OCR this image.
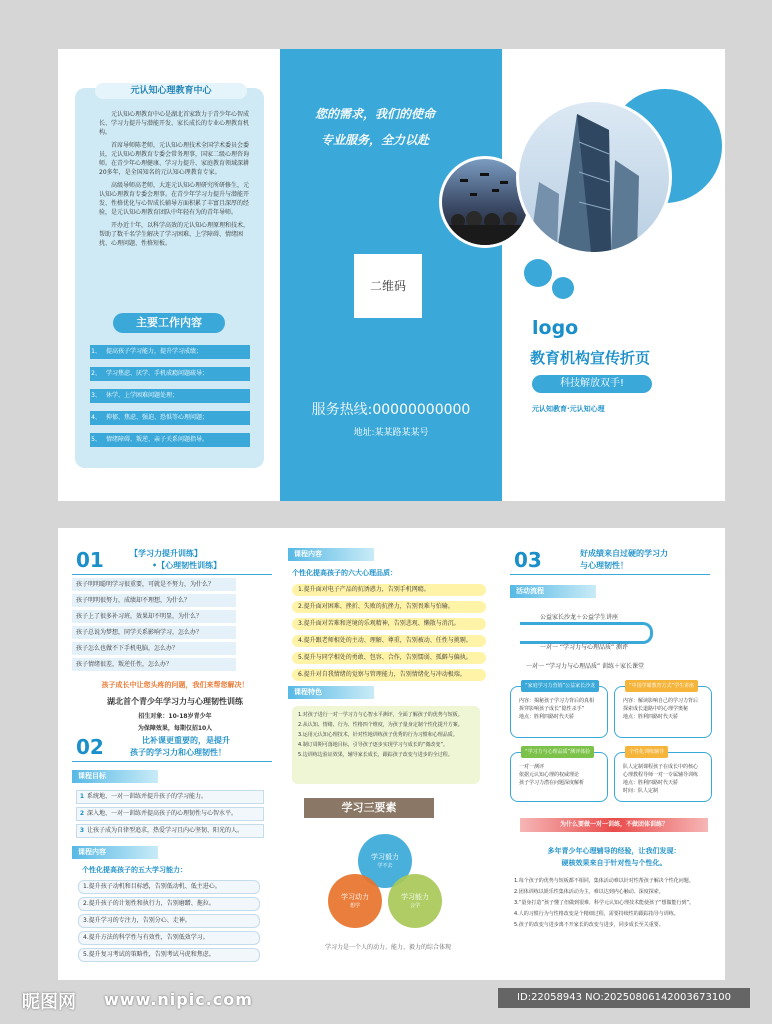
元认知心理教育中心

元认知心理教育中心是湖北首家致力于青少年心智成长、学习力提升与潜能开发、家长成长的专业心理教育机构。

首席导师陈老师，元认知心理技术全国学术委员会委员，元认知心理教育专委会常务理事，国家二级心理咨询师。在青少年心理健康、学习力提升、家庭教育领域深耕20多年，是全国知名的元认知心理教育专家。

高级导师高老师，大连元认知心理研究所研修生，元认知心理教育专委会理事。在青少年学习力提升与潜能开发、性格优化与心智成长辅导方面积累了丰富且深厚的经验，是元认知心理教育团队中年轻有为的青年导师。

开办近十年，以科学高效的元认知心理原理和技术，帮助了数千名学生解决了学习困难、上学障碍、情绪困扰、心理问题、性格短板。

主要工作内容
1、 提高孩子学习能力，提升学习成绩；
2、 学习焦虑、厌学、手机成瘾问题疏导；
3、 休学、上学困难问题处理；
4、 抑郁、焦虑、强迫、恐惧等心理问题；
5、 情绪障碍、叛逆、亲子关系问题指导。
您的需求，我们的使命
专业服务，全力以赴
二维码
服务热线:00000000000
地址:某某路某某号
logo
教育机构宣传折页
科技解放双手!
元认知教育·元认知心理
01	【学习力提升训练】
•【心理韧性训练】
孩子明明聪明学习很重要，可就是不努力，为什么？
孩子明明很努力，成绩却不理想，为什么？
孩子上了很多补习班，效果却不明显，为什么？
孩子总说为梦想，同学关系影响学习，怎么办？
孩子怎么也做不下手机电脑，怎么办？
孩子情绪很差，叛逆任性，怎么办？
孩子成长中让您头疼的问题，我们来帮您解决！
湖北首个青少年学习力与心理韧性训练
招生对象：10-18岁青少年
为保障效果，每期仅招10人
02	比补课更重要的，是提升
孩子的学习力和心理韧性！
课程目标
1 系统地、一对一训练并提升孩子的学习能力。
2 深入地、一对一训练并提高孩子的心理韧性与心智水平。
3 让孩子成为自律型追求，热爱学习且内心坚韧、阳光的人。
课程内容
个性化提高孩子的五大学习能力：
1.提升孩子动机和目标感，告别低动机、低主进心。
2.提升孩子的计划性和执行力，告别磨蹭、拖拉。
3.提升学习的专注力，告别分心、走神。
4.提升方法的科学性与有效性，告别低效学习。
5.提升复习考试的策略性，告别考试马虎和焦虑。
课程内容
个性化提高孩子的六大心理品质：
1.提升面对电子产品的抗诱惑力，告别手机网瘾。
2.提升面对困难、挫折、失败的抗挫力，告别畏难与怕输。
3.提升面对苦难和逆境的乐观精神，告别悲观、懒散与消沉。
4.提升跟老师相处的主动、理解、尊重，告别被动、任性与挑剔。
5.提升与同学相处的勇敢、包容、合作，告别懦弱、孤僻与偏执。
6.提升对自我情绪的觉察与管理能力，告别情绪化与冲动极端。
课程特色

1.对孩子进行一对一学习力与心智水平测评，全面了解孩子的优势与短板。

2.从认知、情绪、行为、性格四个维度，为孩子量身定制个性化提升方案。

3.运用元认知心理技术，针对性地训练孩子优秀的行为习惯和心理品质。

4.制订周期可落地目标，引导孩子逐步实现学习与成长的“微改变”。

5.边训练边验证效果，辅导家长成长，跟踪孩子改变与进步的全过程。

学习三要素
学习毅力
学不去
学习动力
想学
学习能力
会学
学习力是一个人的动力、能力、毅力的综合体现
03	好成绩来自过硬的学习力
与心理韧性！
活动流程
公益家长沙龙＋公益学生讲座
一对一 “学习力与心理品质” 测评
一对一 “学习力与心理品质” 训练＋家长课堂
“家庭学习力营销”公益家长沙龙
内容：揭秘孩子学习力背后的真相
拆穿影响孩子成长“隐性杀手”
地点：胜利四路时代天骄
“中国学霸教育方式”学生讲座
内容：解读影响自己的学习力背后
探索成长道路中的心理学奥秘
地点：胜利四路时代天骄
“学习力与心理品质”测评体验
一对一测评
依据元认知心理的权威理论
孩子学习力潜在问题深度解析
个性化训练辅导
队人定制课程孩子在成长中的核心
心理教程导师一对一专属辅导训练
地点：胜利四路时代天骄
时间：队人定制
为什么要做一对一训练，不做团体训练？
多年青少年心理辅导的经验，让我们发现：
硬核效果来自于针对性与个性化。

1.每个孩子的优势与短板都不相同，集体活动难以针对性帮孩子解决个性化问题。

2.团体训练以娱乐性集体活动为主，难以达到内心触动、深度探索。

3.“量身打造”孩子懂了但做到很难，科学元认知心理技术能使孩子“想做能行到”。

4.人的习惯行为与性格改变是个精细过程，需要持续性的跟踪指导与训练。

5.孩子的改变与进步离不开家长的改变与进步，同步成长至关重要。

昵图网 www.nipic.com	ID:22058943 NO:20250806142003673100
